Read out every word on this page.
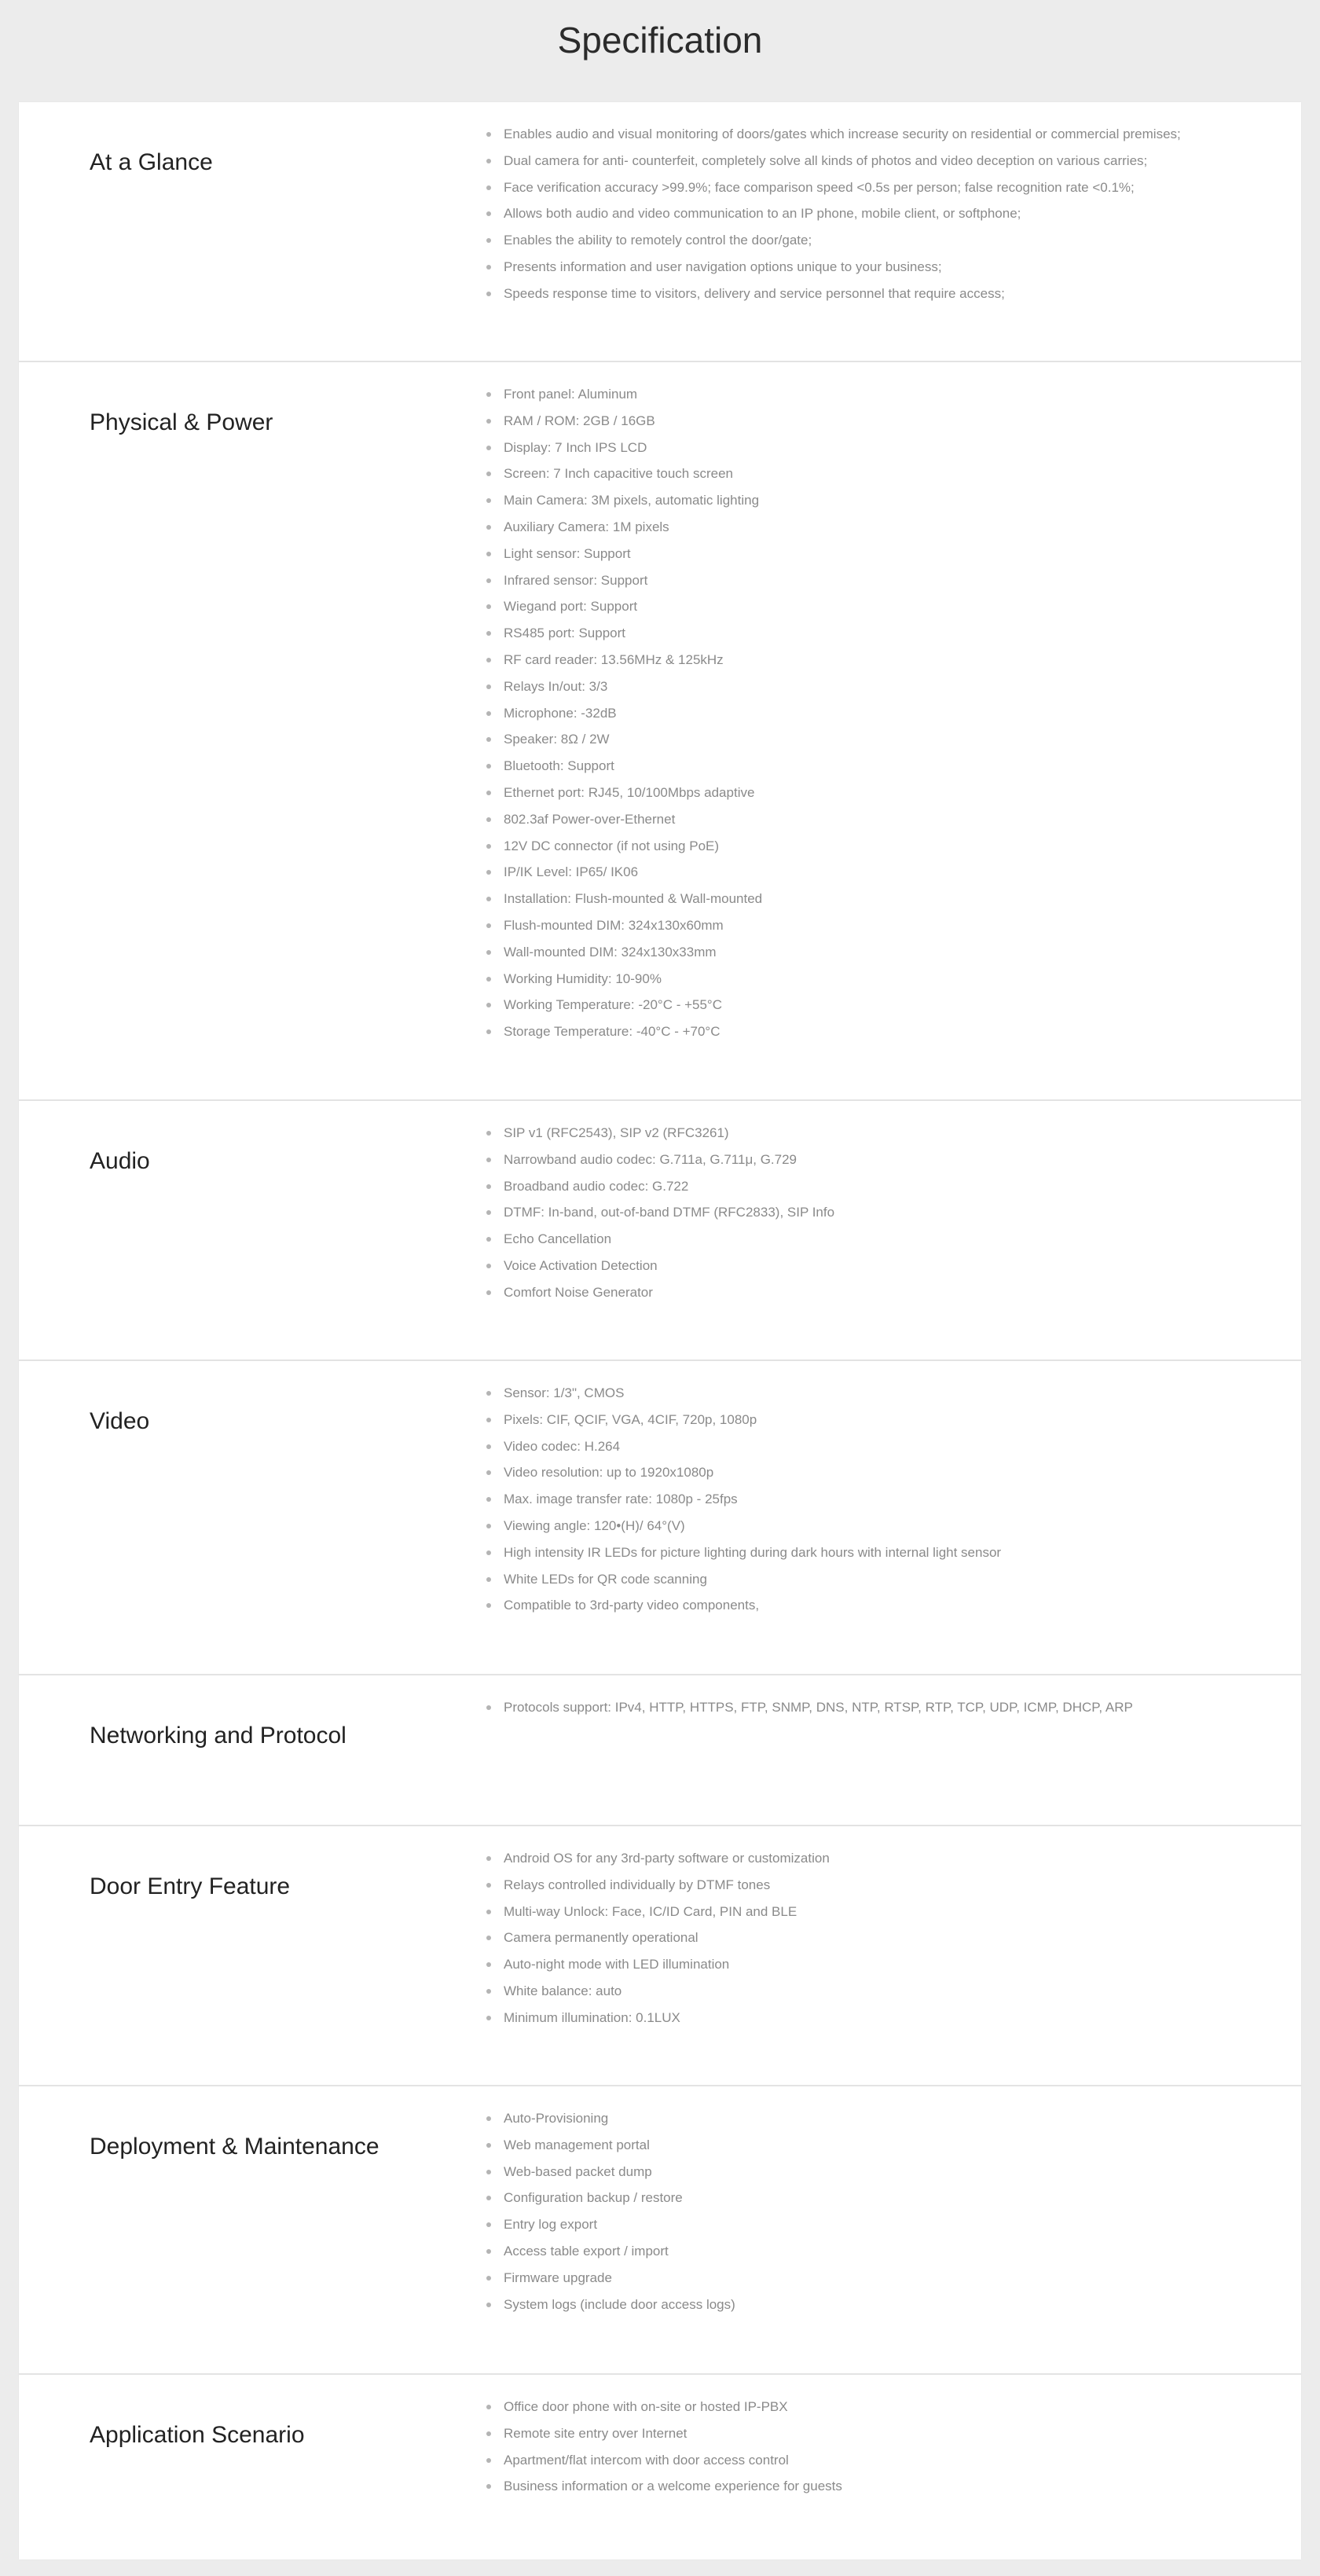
Specification
At a Glance
Enables audio and visual monitoring of doors/gates which increase security on residential or commercial premises;
Dual camera for anti- counterfeit, completely solve all kinds of photos and video deception on various carries;
Face verification accuracy >99.9%; face comparison speed <0.5s per person; false recognition rate <0.1%;
Allows both audio and video communication to an IP phone, mobile client, or softphone;
Enables the ability to remotely control the door/gate;
Presents information and user navigation options unique to your business;
Speeds response time to visitors, delivery and service personnel that require access;
Physical & Power
Front panel: Aluminum
RAM / ROM: 2GB / 16GB
Display: 7 Inch IPS LCD
Screen: 7 Inch capacitive touch screen
Main Camera: 3M pixels, automatic lighting
Auxiliary Camera: 1M pixels
Light sensor: Support
Infrared sensor: Support
Wiegand port: Support
RS485 port: Support
RF card reader: 13.56MHz & 125kHz
Relays In/out: 3/3
Microphone: -32dB
Speaker: 8Ω / 2W
Bluetooth: Support
Ethernet port: RJ45, 10/100Mbps adaptive
802.3af Power-over-Ethernet
12V DC connector (if not using PoE)
IP/IK Level: IP65/ IK06
Installation: Flush-mounted & Wall-mounted
Flush-mounted DIM: 324x130x60mm
Wall-mounted DIM: 324x130x33mm
Working Humidity: 10-90%
Working Temperature: -20°C - +55°C
Storage Temperature: -40°C - +70°C
Audio
SIP v1 (RFC2543), SIP v2 (RFC3261)
Narrowband audio codec: G.711a, G.711μ, G.729
Broadband audio codec: G.722
DTMF: In-band, out-of-band DTMF (RFC2833), SIP Info
Echo Cancellation
Voice Activation Detection
Comfort Noise Generator
Video
Sensor: 1/3", CMOS
Pixels: CIF, QCIF, VGA, 4CIF, 720p, 1080p
Video codec: H.264
Video resolution: up to 1920x1080p
Max. image transfer rate: 1080p - 25fps
Viewing angle: 120•(H)/ 64°(V)
High intensity IR LEDs for picture lighting during dark hours with internal light sensor
White LEDs for QR code scanning
Compatible to 3rd-party video components,
Networking and Protocol
Protocols support: IPv4, HTTP, HTTPS, FTP, SNMP, DNS, NTP, RTSP, RTP, TCP, UDP, ICMP, DHCP, ARP
Door Entry Feature
Android OS for any 3rd-party software or customization
Relays controlled individually by DTMF tones
Multi-way Unlock: Face, IC/ID Card, PIN and BLE
Camera permanently operational
Auto-night mode with LED illumination
White balance: auto
Minimum illumination: 0.1LUX
Deployment & Maintenance
Auto-Provisioning
Web management portal
Web-based packet dump
Configuration backup / restore
Entry log export
Access table export / import
Firmware upgrade
System logs (include door access logs)
Application Scenario
Office door phone with on-site or hosted IP-PBX
Remote site entry over Internet
Apartment/flat intercom with door access control
Business information or a welcome experience for guests
